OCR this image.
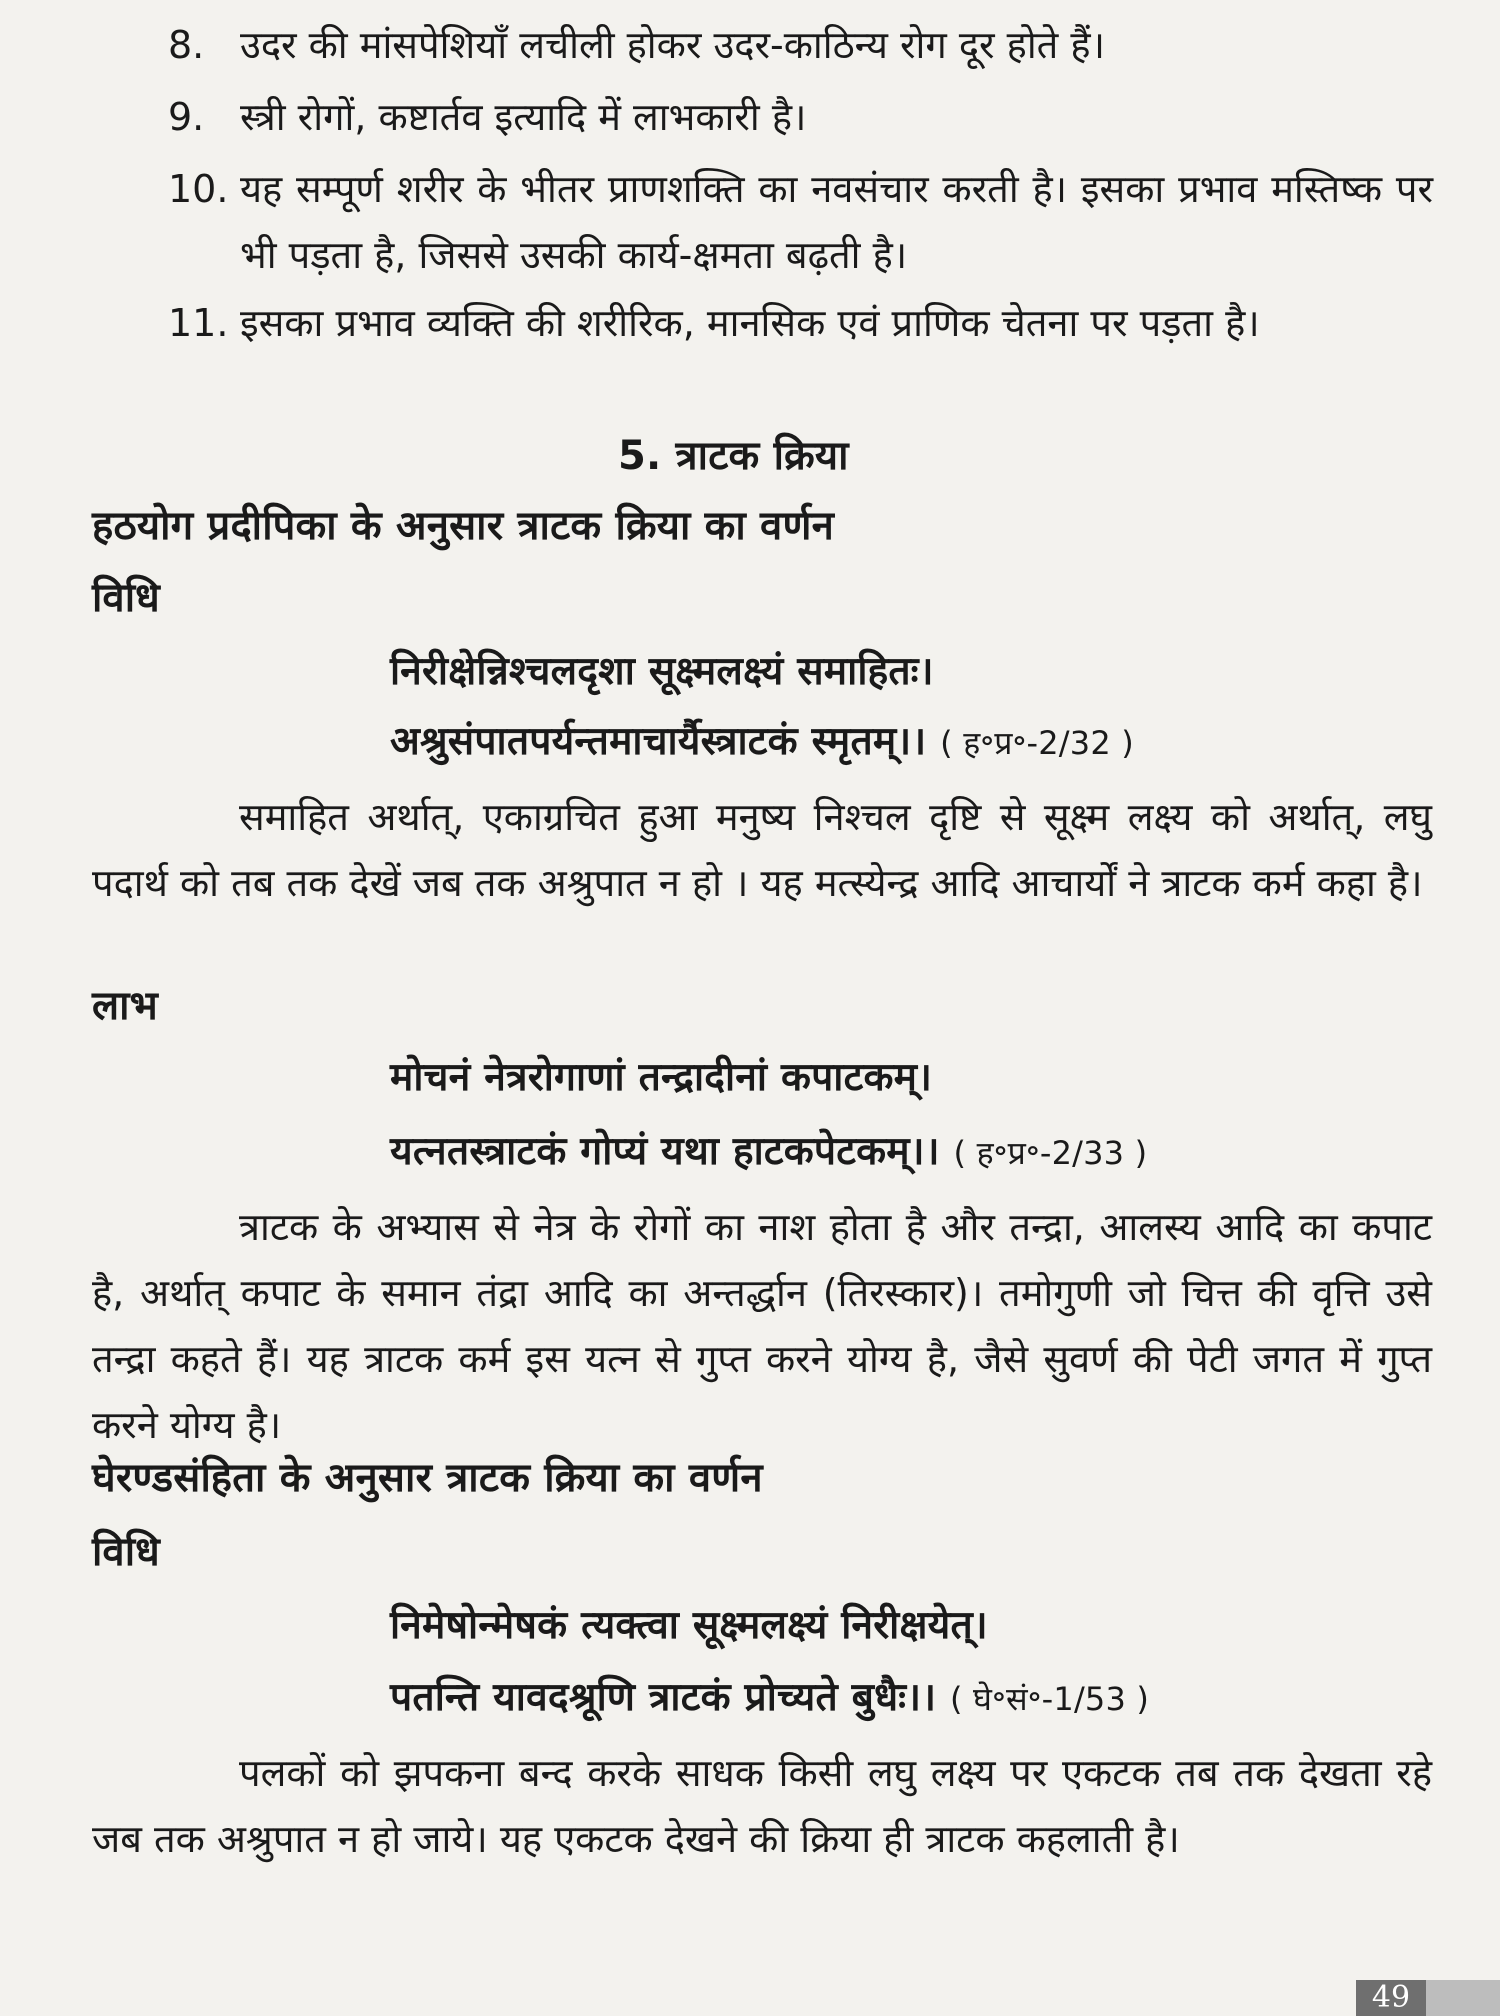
8. उदर की मांसपेशियाँ लचीली होकर उदर-काठिन्य रोग दूर होते हैं।
9. स्त्री रोगों, कष्टार्तव इत्यादि में लाभकारी है।
10. यह सम्पूर्ण शरीर के भीतर प्राणशक्ति का नवसंचार करती है। इसका प्रभाव मस्तिष्क पर भी पड़ता है, जिससे उसकी कार्य-क्षमता बढ़ती है।
11. इसका प्रभाव व्यक्ति की शरीरिक, मानसिक एवं प्राणिक चेतना पर पड़ता है।
5. त्राटक क्रिया
हठयोग प्रदीपिका के अनुसार त्राटक क्रिया का वर्णन
विधि
निरीक्षेन्निश्चलदृशा सूक्ष्मलक्ष्यं समाहितः।
अश्रुसंपातपर्यन्तमाचार्यैस्त्राटकं स्मृतम्।। ( ह॰प्र॰-2/32 )
समाहित अर्थात्, एकाग्रचित हुआ मनुष्य निश्चल दृष्टि से सूक्ष्म लक्ष्य को अर्थात्, लघु पदार्थ को तब तक देखें जब तक अश्रुपात न हो । यह मत्स्येन्द्र आदि आचार्यों ने त्राटक कर्म कहा है।
लाभ
मोचनं नेत्ररोगाणां तन्द्रादीनां कपाटकम्।
यत्नतस्त्राटकं गोप्यं यथा हाटकपेटकम्।। ( ह॰प्र॰-2/33 )
त्राटक के अभ्यास से नेत्र के रोगों का नाश होता है और तन्द्रा, आलस्य आदि का कपाट है, अर्थात् कपाट के समान तंद्रा आदि का अन्तर्द्धान (तिरस्कार)। तमोगुणी जो चित्त की वृत्ति उसे तन्द्रा कहते हैं। यह त्राटक कर्म इस यत्न से गुप्त करने योग्य है, जैसे सुवर्ण की पेटी जगत में गुप्त करने योग्य है।
घेरण्डसंहिता के अनुसार त्राटक क्रिया का वर्णन
विधि
निमेषोन्मेषकं त्यक्त्वा सूक्ष्मलक्ष्यं निरीक्षयेत्।
पतन्ति यावदश्रूणि त्राटकं प्रोच्यते बुधैः।। ( घे॰सं॰-1/53 )
पलकों को झपकना बन्द करके साधक किसी लघु लक्ष्य पर एकटक तब तक देखता रहे जब तक अश्रुपात न हो जाये। यह एकटक देखने की क्रिया ही त्राटक कहलाती है।
49
